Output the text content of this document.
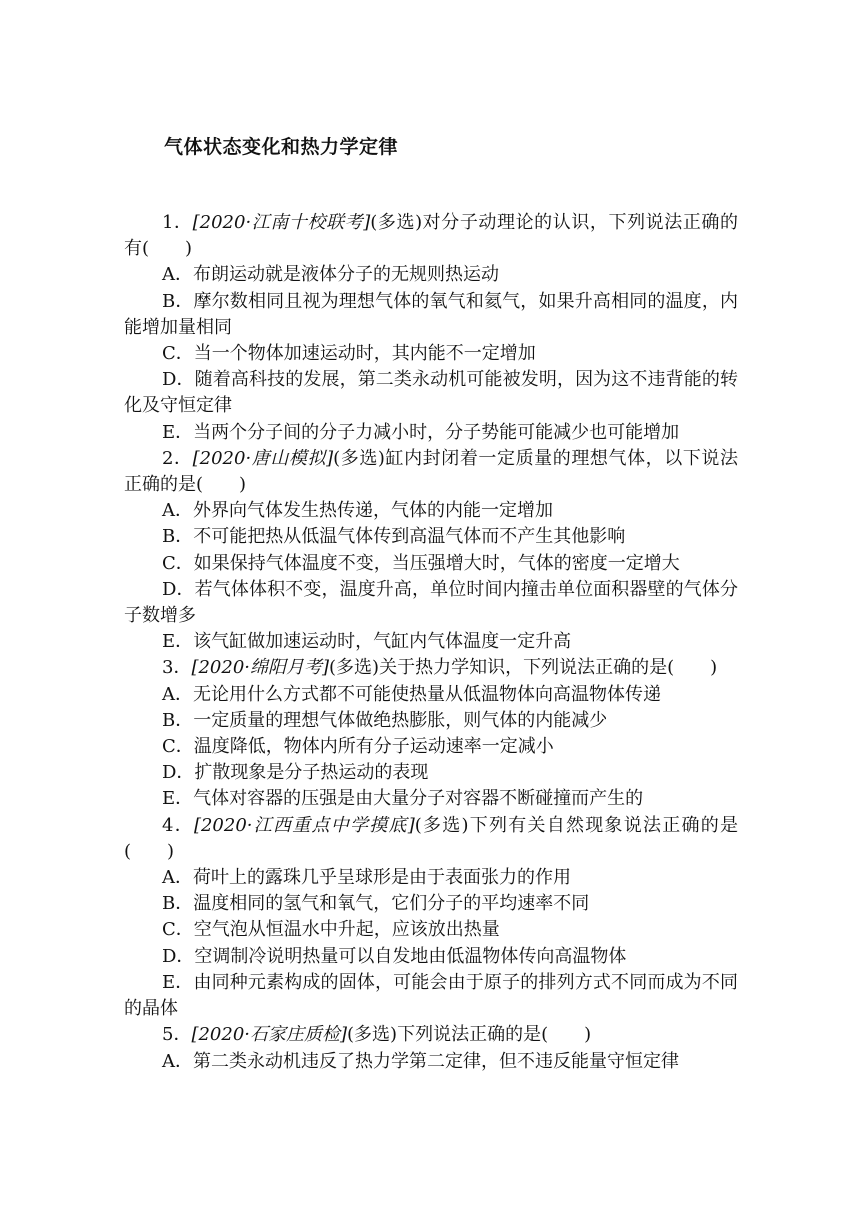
气体状态变化和热力学定律

1．[2020·江南十校联考](多选)对分子动理论的认识，下列说法正确的有(　　)

A．布朗运动就是液体分子的无规则热运动

B．摩尔数相同且视为理想气体的氧气和氦气，如果升高相同的温度，内能增加量相同

C．当一个物体加速运动时，其内能不一定增加

D．随着高科技的发展，第二类永动机可能被发明，因为这不违背能的转化及守恒定律

E．当两个分子间的分子力减小时，分子势能可能减少也可能增加

2．[2020·唐山模拟](多选)缸内封闭着一定质量的理想气体，以下说法正确的是(　　)

A．外界向气体发生热传递，气体的内能一定增加

B．不可能把热从低温气体传到高温气体而不产生其他影响

C．如果保持气体温度不变，当压强增大时，气体的密度一定增大

D．若气体体积不变，温度升高，单位时间内撞击单位面积器壁的气体分子数增多

E．该气缸做加速运动时，气缸内气体温度一定升高

3．[2020·绵阳月考](多选)关于热力学知识，下列说法正确的是(　　)

A．无论用什么方式都不可能使热量从低温物体向高温物体传递

B．一定质量的理想气体做绝热膨胀，则气体的内能减少

C．温度降低，物体内所有分子运动速率一定减小

D．扩散现象是分子热运动的表现

E．气体对容器的压强是由大量分子对容器不断碰撞而产生的

4．[2020·江西重点中学摸底](多选)下列有关自然现象说法正确的是(　　)

A．荷叶上的露珠几乎呈球形是由于表面张力的作用

B．温度相同的氢气和氧气，它们分子的平均速率不同

C．空气泡从恒温水中升起，应该放出热量

D．空调制冷说明热量可以自发地由低温物体传向高温物体

E．由同种元素构成的固体，可能会由于原子的排列方式不同而成为不同的晶体

5．[2020·石家庄质检](多选)下列说法正确的是(　　)

A．第二类永动机违反了热力学第二定律，但不违反能量守恒定律
